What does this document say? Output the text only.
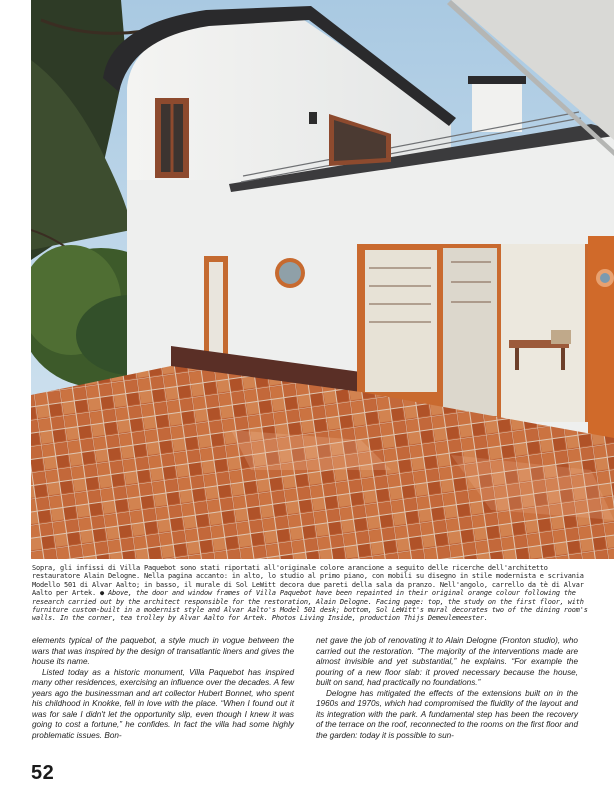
Sopra, gli infissi di Villa Paquebot sono stati riportati all'originale colore arancione a seguito delle ricerche dell'architetto restauratore Alain Delogne. Nella pagina accanto: in alto, lo studio al primo piano, con mobili su disegno in stile modernista e scrivania Modello 501 di Alvar Aalto; in basso, il murale di Sol LeWitt decora due pareti della sala da pranzo. Nell'angolo, carrello da tè di Alvar Aalto per Artek. ● Above, the door and window frames of Villa Paquebot have been repainted in their original orange colour following the research carried out by the architect responsible for the restoration, Alain Delogne. Facing page: top, the study on the first floor, with furniture custom-built in a modernist style and Alvar Aalto's Model 501 desk; bottom, Sol LeWitt's mural decorates two of the dining room's walls. In the corner, tea trolley by Alvar Aalto for Artek. Photos Living Inside, production Thijs Demeulemeester.

elements typical of the paquebot, a style much in vogue between the wars that was inspired by the design of transatlantic liners and gives the house its name.

Listed today as a historic monument, Villa Paquebot has inspired many other residences, exercising an influence over the decades. A few years ago the businessman and art collector Hubert Bonnet, who spent his childhood in Knokke, fell in love with the place. “When I found out it was for sale I didn't let the opportunity slip, even though I knew it was going to cost a fortune,” he confides. In fact the villa had some highly problematic issues. Bon-

net gave the job of renovating it to Alain Delogne (Fronton studio), who carried out the restoration. “The majority of the interventions made are almost invisible and yet substantial,” he explains. “For example the pouring of a new floor slab: it proved necessary because the house, built on sand, had practically no foundations.”

Delogne has mitigated the effects of the extensions built on in the 1960s and 1970s, which had compromised the fluidity of the layout and its integration with the park. A fundamental step has been the recovery of the terrace on the roof, reconnected to the rooms on the first floor and the garden: today it is possible to sun-

52
